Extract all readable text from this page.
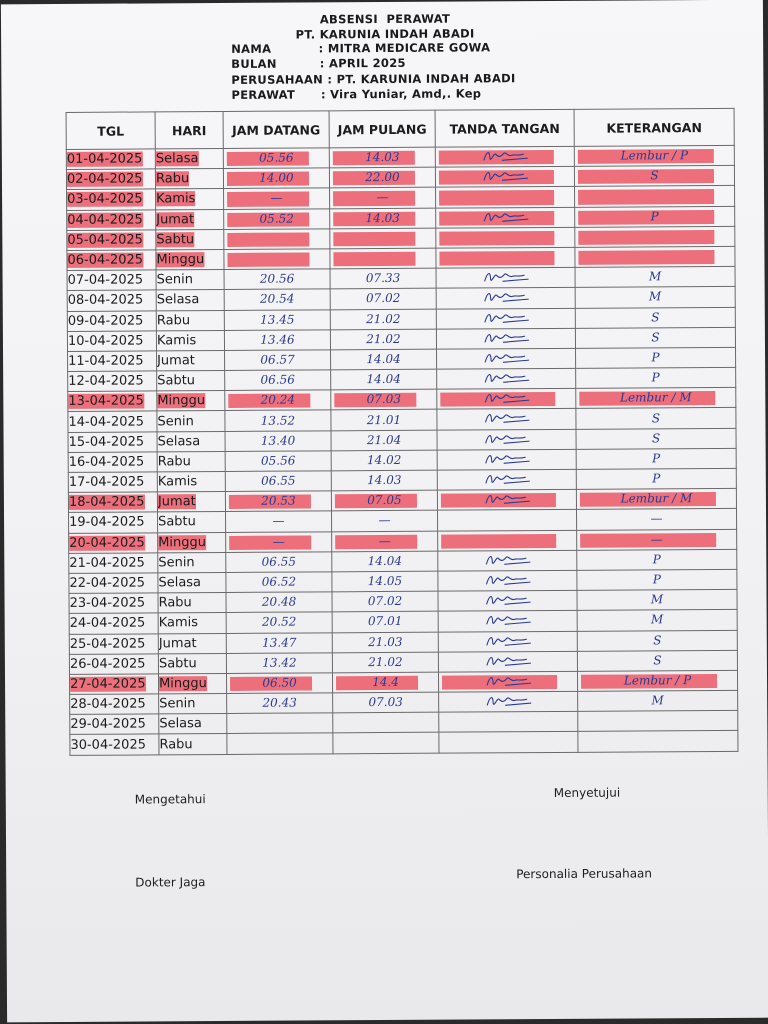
ABSENSI  PERAWAT
PT. KARUNIA INDAH ABADI
NAMA           : MITRA MEDICARE GOWA
BULAN          : APRIL 2025
PERUSAHAAN : PT. KARUNIA INDAH ABADI
PERAWAT      : Vira Yuniar, Amd,. Kep
TGL	HARI	JAM DATANG	JAM PULANG	TANDA TANGAN	KETERANGAN
01-04-2025	Selasa	05.56	14.03		Lembur / P
02-04-2025	Rabu	14.00	22.00		S
03-04-2025	Kamis	—	—	

04-04-2025	Jumat	05.52	14.03		P
05-04-2025	Sabtu	

06-04-2025	Minggu	

07-04-2025	Senin	20.56	07.33		M
08-04-2025	Selasa	20.54	07.02		M
09-04-2025	Rabu	13.45	21.02		S
10-04-2025	Kamis	13.46	21.02		S
11-04-2025	Jumat	06.57	14.04		P
12-04-2025	Sabtu	06.56	14.04		P
13-04-2025	Minggu	20.24	07.03		Lembur / M
14-04-2025	Senin	13.52	21.01		S
15-04-2025	Selasa	13.40	21.04		S
16-04-2025	Rabu	05.56	14.02		P
17-04-2025	Kamis	06.55	14.03		P
18-04-2025	Jumat	20.53	07.05		Lembur / M
19-04-2025	Sabtu	—	—		—
20-04-2025	Minggu	—	—		—
21-04-2025	Senin	06.55	14.04		P
22-04-2025	Selasa	06.52	14.05		P
23-04-2025	Rabu	20.48	07.02		M
24-04-2025	Kamis	20.52	07.01		M
25-04-2025	Jumat	13.47	21.03		S
26-04-2025	Sabtu	13.42	21.02		S
27-04-2025	Minggu	06.50	14.4		Lembur / P
28-04-2025	Senin	20.43	07.03		M
29-04-2025	Selasa				
30-04-2025	Rabu				
Mengetahui	Menyetujui
Dokter Jaga
Personalia Perusahaan
